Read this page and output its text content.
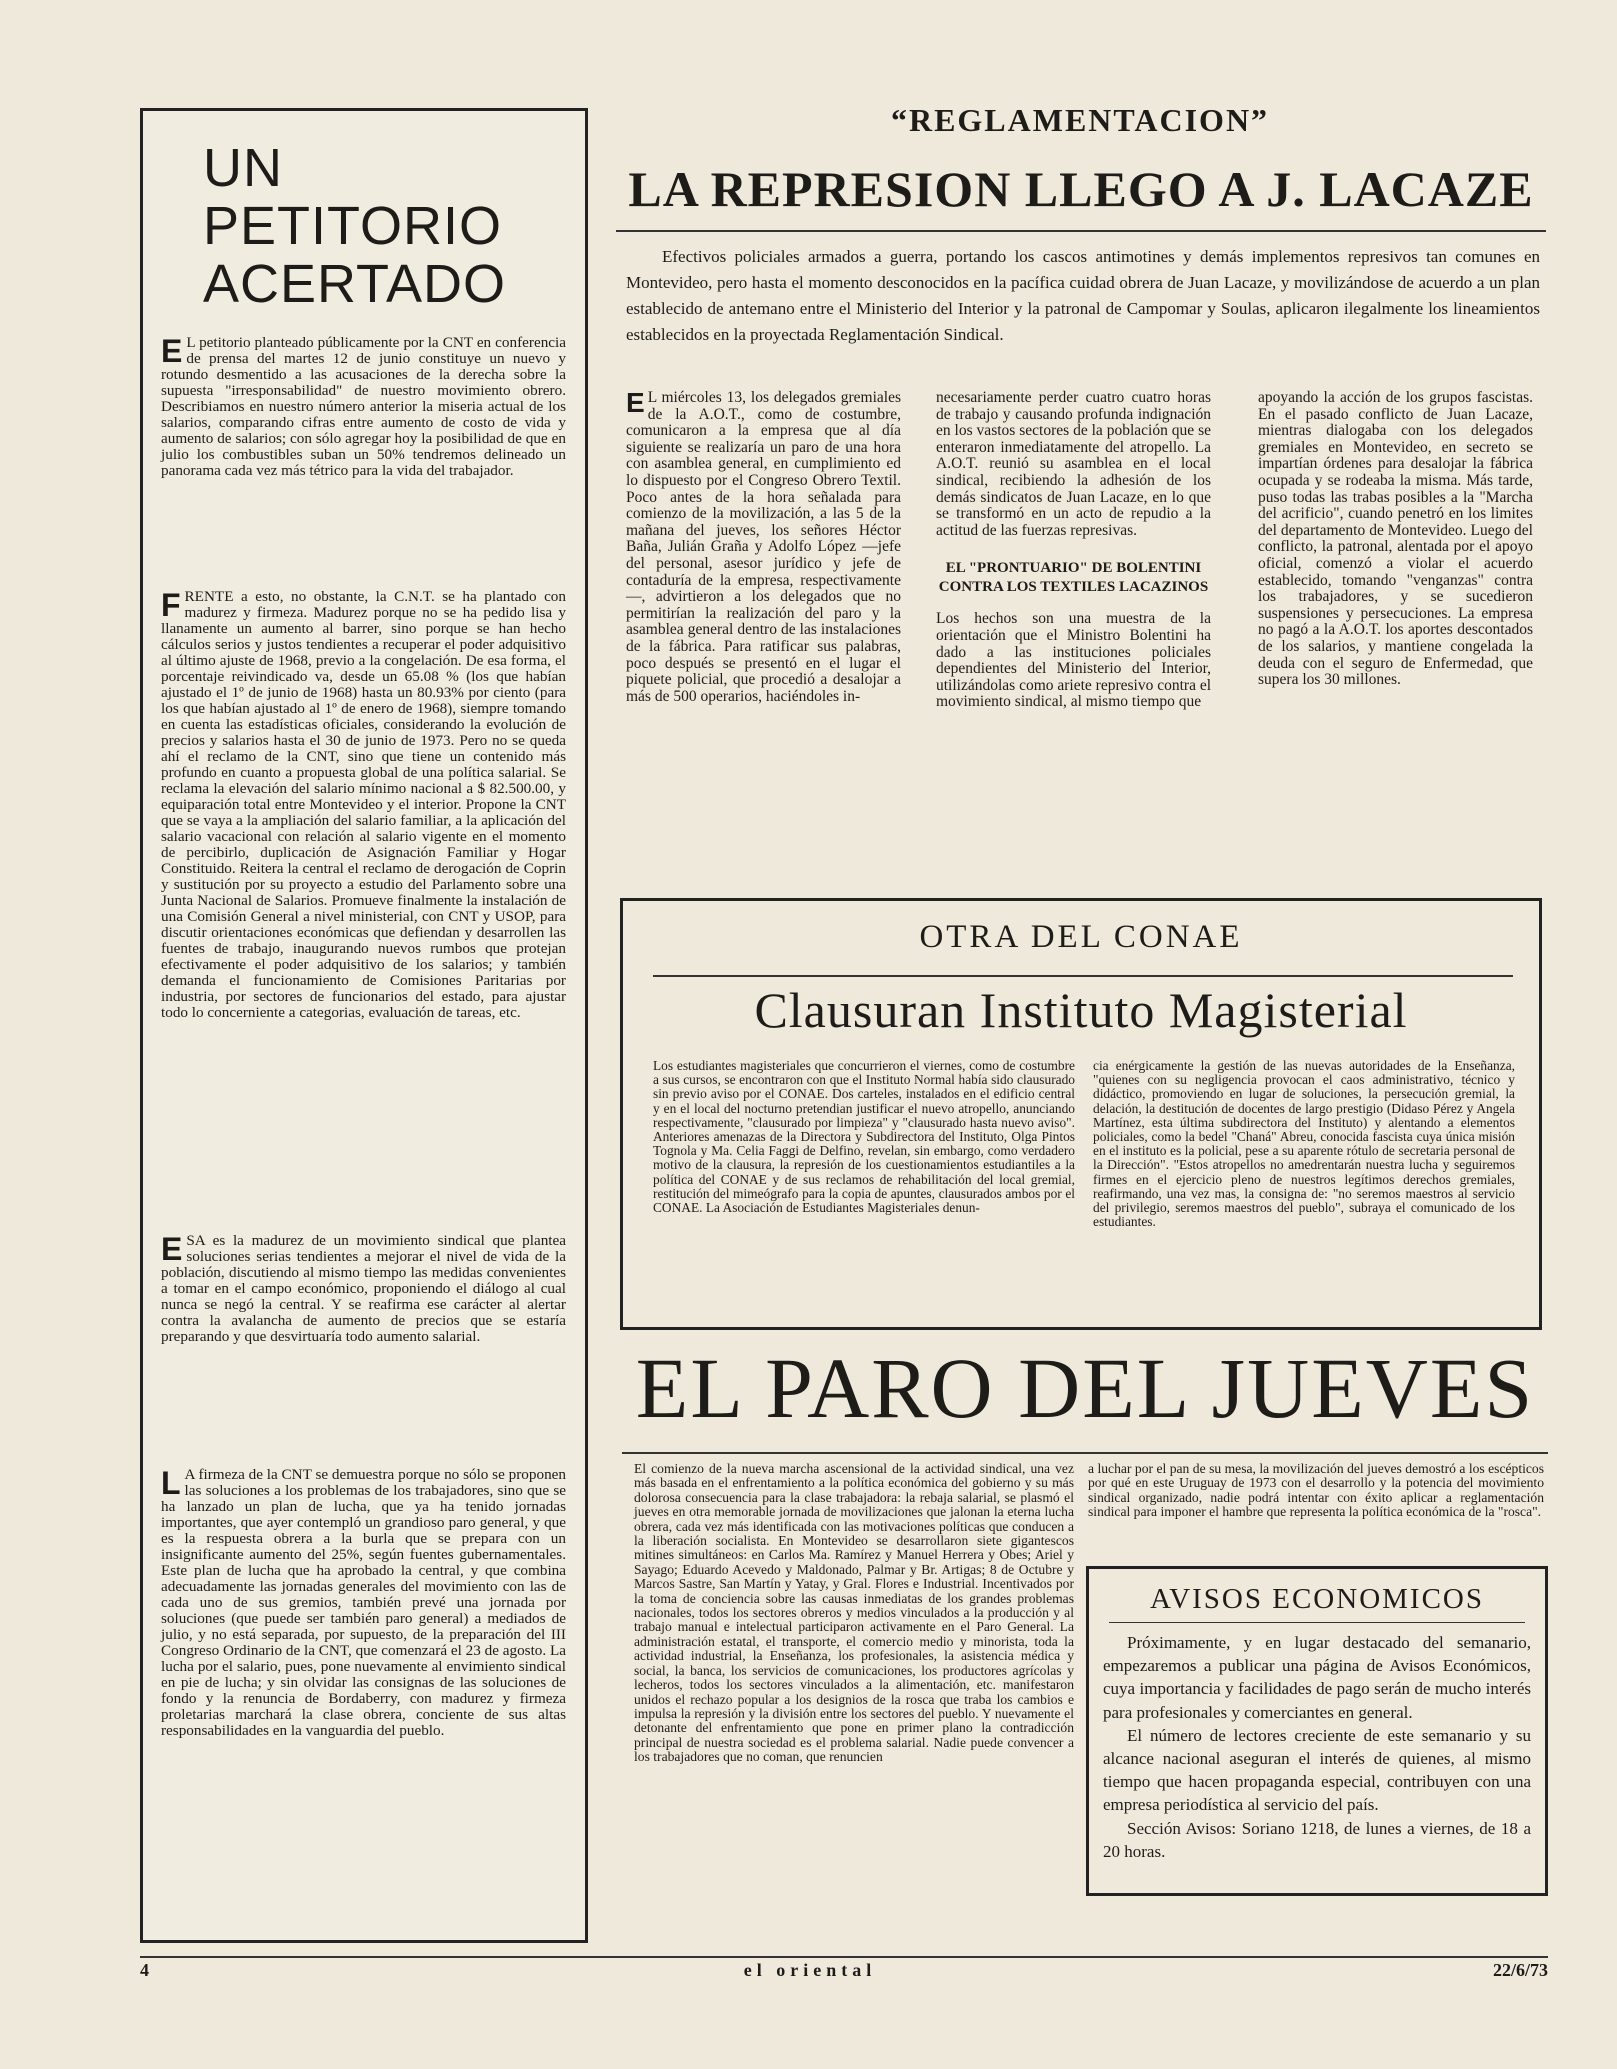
UN
PETITORIO
ACERTADO

E L petitorio planteado públicamente por la CNT en conferencia de prensa del martes 12 de junio constituye un nuevo y rotundo desmentido a las acusaciones de la derecha sobre la supuesta "irresponsabilidad" de nuestro movimiento obrero. Describiamos en nuestro número anterior la miseria actual de los salarios, comparando cifras entre aumento de costo de vida y aumento de salarios; con sólo agregar hoy la posibilidad de que en julio los combustibles suban un 50% tendremos delineado un panorama cada vez más tétrico para la vida del trabajador.

FRENTE a esto, no obstante, la C.N.T. se ha plantado con madurez y firmeza. Madurez porque no se ha pedido lisa y llanamente un aumento al barrer, sino porque se han hecho cálculos serios y justos tendientes a recuperar el poder adquisitivo al último ajuste de 1968, previo a la congelación. De esa forma, el porcentaje reivindicado va, desde un 65.08 % (los que habían ajustado el 1º de junio de 1968) hasta un 80.93% por ciento (para los que habían ajustado al 1º de enero de 1968), siempre tomando en cuenta las estadísticas oficiales, considerando la evolución de precios y salarios hasta el 30 de junio de 1973. Pero no se queda ahí el reclamo de la CNT, sino que tiene un contenido más profundo en cuanto a propuesta global de una política salarial. Se reclama la elevación del salario mínimo nacional a $ 82.500.00, y equiparación total entre Montevideo y el interior. Propone la CNT que se vaya a la ampliación del salario familiar, a la aplicación del salario vacacional con relación al salario vigente en el momento de percibirlo, duplicación de Asignación Familiar y Hogar Constituido. Reitera la central el reclamo de derogación de Coprin y sustitución por su proyecto a estudio del Parlamento sobre una Junta Nacional de Salarios. Promueve finalmente la instalación de una Comisión General a nivel ministerial, con CNT y USOP, para discutir orientaciones económicas que defiendan y desarrollen las fuentes de trabajo, inaugurando nuevos rumbos que protejan efectivamente el poder adquisitivo de los salarios; y también demanda el funcionamiento de Comisiones Paritarias por industria, por sectores de funcionarios del estado, para ajustar todo lo concerniente a categorias, evaluación de tareas, etc.

ESA es la madurez de un movimiento sindical que plantea soluciones serias tendientes a mejorar el nivel de vida de la población, discutiendo al mismo tiempo las medidas convenientes a tomar en el campo económico, proponiendo el diálogo al cual nunca se negó la central. Y se reafirma ese carácter al alertar contra la avalancha de aumento de precios que se estaría preparando y que desvirtuaría todo aumento salarial.

L A firmeza de la CNT se demuestra porque no sólo se proponen las soluciones a los problemas de los trabajadores, sino que se ha lanzado un plan de lucha, que ya ha tenido jornadas importantes, que ayer contempló un grandioso paro general, y que es la respuesta obrera a la burla que se prepara con un insignificante aumento del 25%, según fuentes gubernamentales. Este plan de lucha que ha aprobado la central, y que combina adecuadamente las jornadas generales del movimiento con las de cada uno de sus gremios, también prevé una jornada por soluciones (que puede ser también paro general) a mediados de julio, y no está separada, por supuesto, de la preparación del III Congreso Ordinario de la CNT, que comenzará el 23 de agosto. La lucha por el salario, pues, pone nuevamente al envimiento sindical en pie de lucha; y sin olvidar las consignas de las soluciones de fondo y la renuncia de Bordaberry, con madurez y firmeza proletarias marchará la clase obrera, conciente de sus altas responsabilidades en la vanguardia del pueblo.

“REGLAMENTACION”
LA REPRESION LLEGO A J. LACAZE

Efectivos policiales armados a guerra, portando los cascos antimotines y demás implementos represivos tan comunes en Montevideo, pero hasta el momento desconocidos en la pacífica cuidad obrera de Juan Lacaze, y movilizándose de acuerdo a un plan establecido de antemano entre el Ministerio del Interior y la patronal de Campomar y Soulas, aplicaron ilegalmente los lineamientos establecidos en la proyectada Reglamentación Sindical.

E L miércoles 13, los delegados gremiales de la A.O.T., como de costumbre, comunicaron a la empresa que al día siguiente se realizaría un paro de una hora con asamblea general, en cumplimiento ed lo dispuesto por el Congreso Obrero Textil. Poco antes de la hora señalada para comienzo de la movilización, a las 5 de la mañana del jueves, los señores Héctor Baña, Julián Graña y Adolfo López —jefe del personal, asesor jurídico y jefe de contaduría de la empresa, respectivamente—, advirtieron a los delegados que no permitirían la realización del paro y la asamblea general dentro de las instalaciones de la fábrica. Para ratificar sus palabras, poco después se presentó en el lugar el piquete policial, que procedió a desalojar a más de 500 operarios, haciéndoles in-

necesariamente perder cuatro cuatro horas de trabajo y causando profunda indignación en los vastos sectores de la población que se enteraron inmediatamente del atropello. La A.O.T. reunió su asamblea en el local sindical, recibiendo la adhesión de los demás sindicatos de Juan Lacaze, en lo que se transformó en un acto de repudio a la actitud de las fuerzas represivas.
EL "PRONTUARIO" DE BOLENTINI CONTRA LOS TEXTILES LACAZINOS
Los hechos son una muestra de la orientación que el Ministro Bolentini ha dado a las instituciones policiales dependientes del Ministerio del Interior, utilizándolas como ariete represivo contra el movimiento sindical, al mismo tiempo que

apoyando la acción de los grupos fascistas. En el pasado conflicto de Juan Lacaze, mientras dialogaba con los delegados gremiales en Montevideo, en secreto se impartían órdenes para desalojar la fábrica ocupada y se rodeaba la misma. Más tarde, puso todas las trabas posibles a la "Marcha del acrificio", cuando penetró en los limites del departamento de Montevideo. Luego del conflicto, la patronal, alentada por el apoyo oficial, comenzó a violar el acuerdo establecido, tomando "venganzas" contra los trabajadores, y se sucedieron suspensiones y persecuciones. La empresa no pagó a la A.O.T. los aportes descontados de los salarios, y mantiene congelada la deuda con el seguro de Enfermedad, que supera los 30 millones.

OTRA DEL CONAE
Clausuran Instituto Magisterial

Los estudiantes magisteriales que concurrieron el viernes, como de costumbre a sus cursos, se encontraron con que el Instituto Normal había sido clausurado sin previo aviso por el CONAE. Dos carteles, instalados en el edificio central y en el local del nocturno pretendian justificar el nuevo atropello, anunciando respectivamente, "clausurado por limpieza" y "clausurado hasta nuevo aviso". Anteriores amenazas de la Directora y Subdirectora del Instituto, Olga Pintos Tognola y Ma. Celia Faggi de Delfino, revelan, sin embargo, como verdadero motivo de la clausura, la represión de los cuestionamientos estudiantiles a la política del CONAE y de sus reclamos de rehabilitación del local gremial, restitución del mimeógrafo para la copia de apuntes, clausurados ambos por el CONAE. La Asociación de Estudiantes Magisteriales denun-

cia enérgicamente la gestión de las nuevas autoridades de la Enseñanza, "quienes con su negligencia provocan el caos administrativo, técnico y didáctico, promoviendo en lugar de soluciones, la persecución gremial, la delación, la destitución de docentes de largo prestigio (Didaso Pérez y Angela Martínez, esta última subdirectora del Instituto) y alentando a elementos policiales, como la bedel "Chaná" Abreu, conocida fascista cuya única misión en el instituto es la policial, pese a su aparente rótulo de secretaria personal de la Dirección". "Estos atropellos no amedrentarán nuestra lucha y seguiremos firmes en el ejercicio pleno de nuestros legítimos derechos gremiales, reafirmando, una vez mas, la consigna de: "no seremos maestros al servicio del privilegio, seremos maestros del pueblo", subraya el comunicado de los estudiantes.

EL PARO DEL JUEVES

El comienzo de la nueva marcha ascensional de la actividad sindical, una vez más basada en el enfrentamiento a la política económica del gobierno y su más dolorosa consecuencia para la clase trabajadora: la rebaja salarial, se plasmó el jueves en otra memorable jornada de movilizaciones que jalonan la eterna lucha obrera, cada vez más identificada con las motivaciones políticas que conducen a la liberación socialista. En Montevideo se desarrollaron siete gigantescos mitines simultáneos: en Carlos Ma. Ramírez y Manuel Herrera y Obes; Ariel y Sayago; Eduardo Acevedo y Maldonado, Palmar y Br. Artigas; 8 de Octubre y Marcos Sastre, San Martín y Yatay, y Gral. Flores e Industrial. Incentivados por la toma de conciencia sobre las causas inmediatas de los grandes problemas nacionales, todos los sectores obreros y medios vinculados a la producción y al trabajo manual e intelectual participaron activamente en el Paro General. La administración estatal, el transporte, el comercio medio y minorista, toda la actividad industrial, la Enseñanza, los profesionales, la asistencia médica y social, la banca, los servicios de comunicaciones, los productores agrícolas y lecheros, todos los sectores vinculados a la alimentación, etc. manifestaron unidos el rechazo popular a los designios de la rosca que traba los cambios e impulsa la represión y la división entre los sectores del pueblo. Y nuevamente el detonante del enfrentamiento que pone en primer plano la contradicción principal de nuestra sociedad es el problema salarial. Nadie puede convencer a los trabajadores que no coman, que renuncien

a luchar por el pan de su mesa, la movilización del jueves demostró a los escépticos por qué en este Uruguay de 1973 con el desarrollo y la potencia del movimiento sindical organizado, nadie podrá intentar con éxito aplicar a reglamentación sindical para imponer el hambre que representa la política económica de la "rosca".

AVISOS ECONOMICOS

Próximamente, y en lugar destacado del semanario, empezaremos a publicar una página de Avisos Económicos, cuya importancia y facilidades de pago serán de mucho interés para profesionales y comerciantes en general.

El número de lectores creciente de este semanario y su alcance nacional aseguran el interés de quienes, al mismo tiempo que hacen propaganda especial, contribuyen con una empresa periodística al servicio del país.

Sección Avisos: Soriano 1218, de lunes a viernes, de 18 a 20 horas.

4	el oriental	22/6/73
